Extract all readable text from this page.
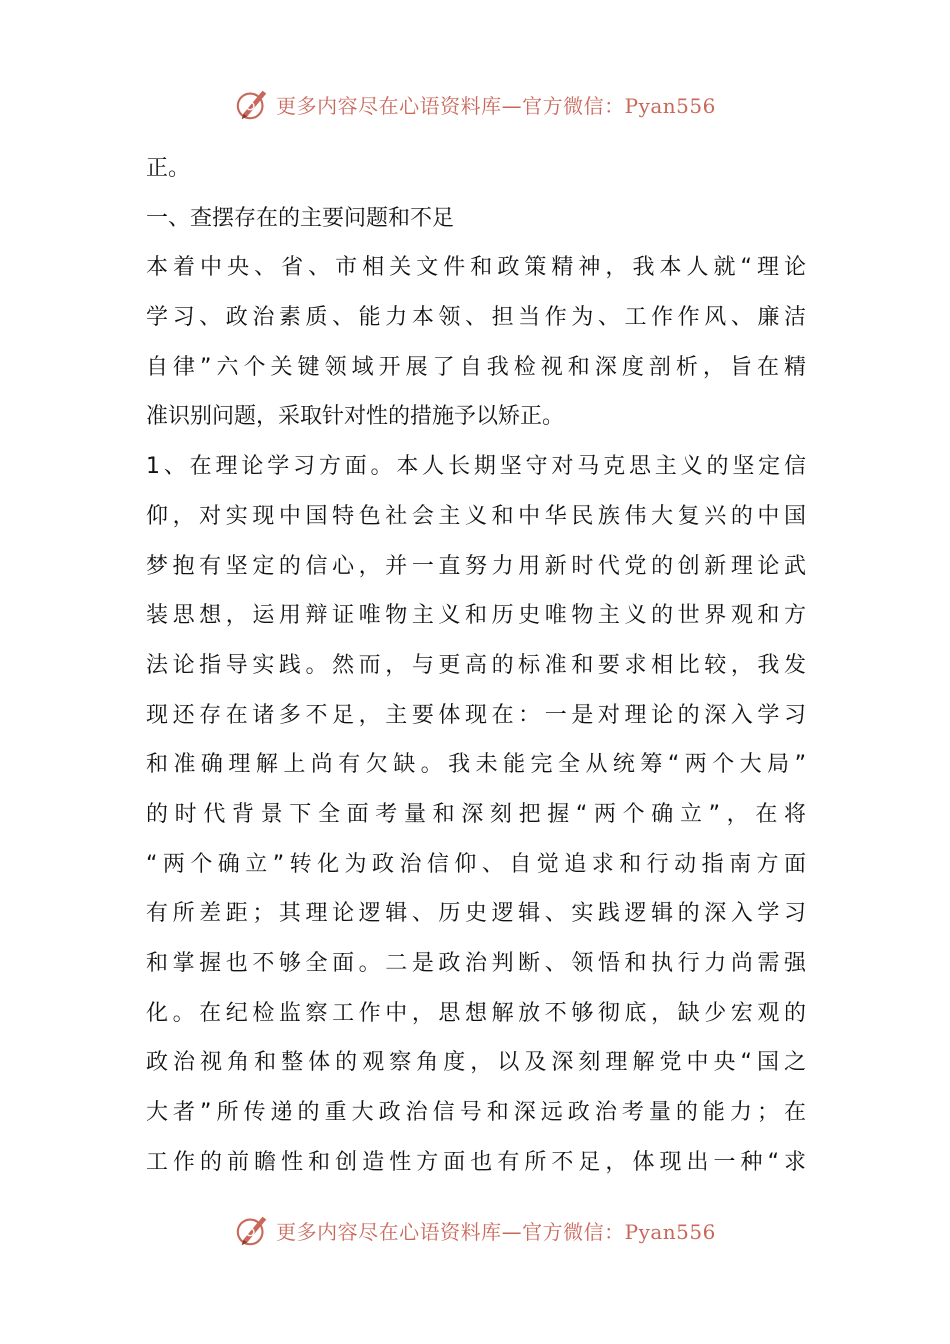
更多内容尽在心语资料库—官方微信：Pyan556
正。
一、查摆存在的主要问题和不足
本着中央、省、市相关文件和政策精神，我本人就“理论
学习、政治素质、能力本领、担当作为、工作作风、廉洁
自律”六个关键领域开展了自我检视和深度剖析，旨在精
准识别问题，采取针对性的措施予以矫正。
1、在理论学习方面。本人长期坚守对马克思主义的坚定信
仰，对实现中国特色社会主义和中华民族伟大复兴的中国
梦抱有坚定的信心，并一直努力用新时代党的创新理论武
装思想，运用辩证唯物主义和历史唯物主义的世界观和方
法论指导实践。然而，与更高的标准和要求相比较，我发
现还存在诸多不足，主要体现在：一是对理论的深入学习
和准确理解上尚有欠缺。我未能完全从统筹“两个大局”
的时代背景下全面考量和深刻把握“两个确立”，在将
“两个确立”转化为政治信仰、自觉追求和行动指南方面
有所差距；其理论逻辑、历史逻辑、实践逻辑的深入学习
和掌握也不够全面。二是政治判断、领悟和执行力尚需强
化。在纪检监察工作中，思想解放不够彻底，缺少宏观的
政治视角和整体的观察角度，以及深刻理解党中央“国之
大者”所传递的重大政治信号和深远政治考量的能力；在
工作的前瞻性和创造性方面也有所不足，体现出一种“求
更多内容尽在心语资料库—官方微信：Pyan556
